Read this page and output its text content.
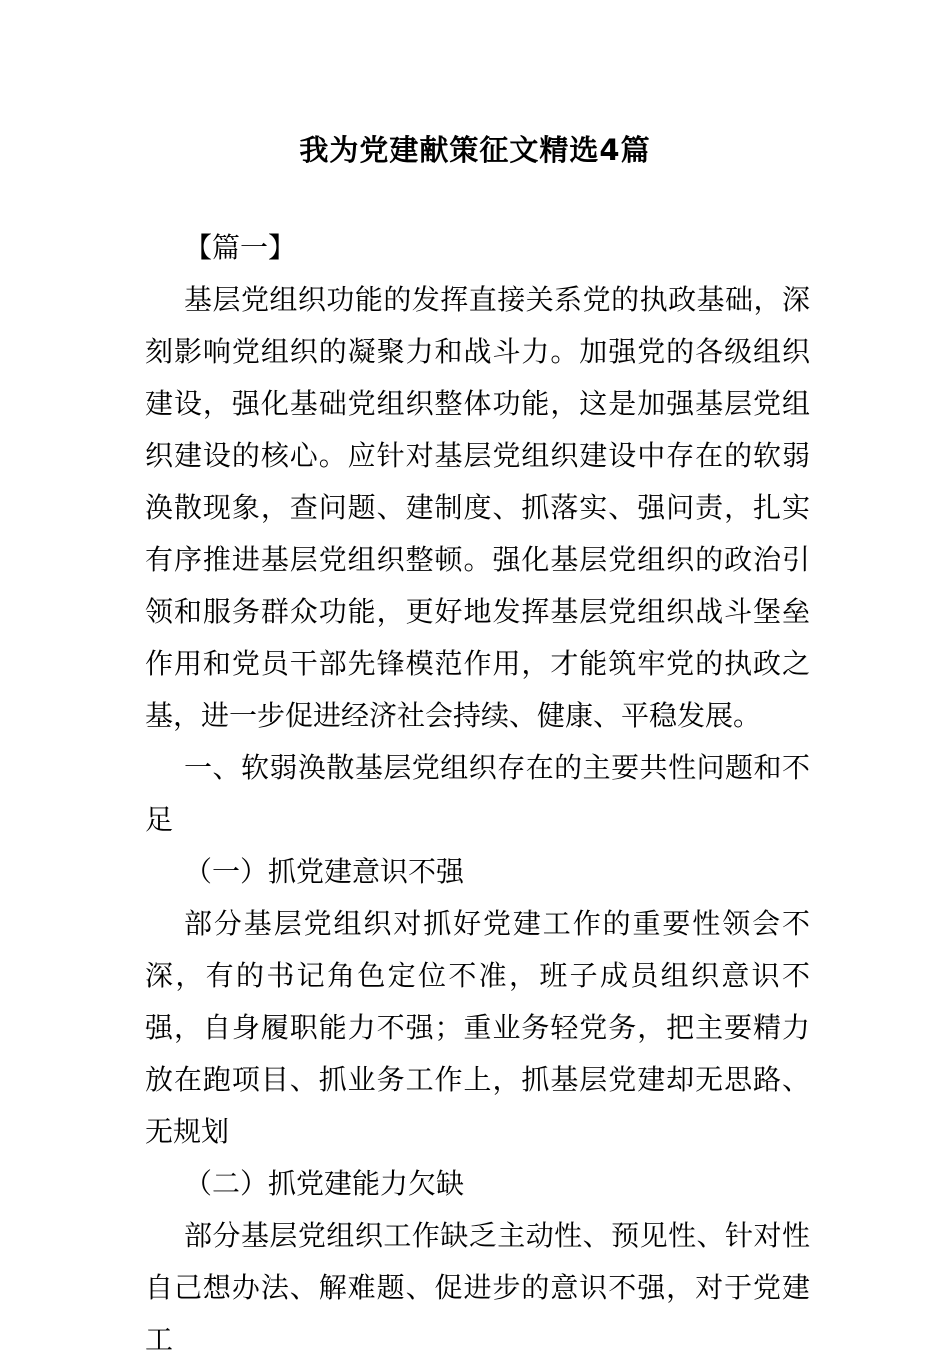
我为党建献策征文精选4篇

【篇一】

基层党组织功能的发挥直接关系党的执政基础，深刻影响党组织的凝聚力和战斗力。加强党的各级组织建设，强化基础党组织整体功能，这是加强基层党组织建设的核心。应针对基层党组织建设中存在的软弱涣散现象，查问题、建制度、抓落实、强问责，扎实有序推进基层党组织整顿。强化基层党组织的政治引领和服务群众功能，更好地发挥基层党组织战斗堡垒作用和党员干部先锋模范作用，才能筑牢党的执政之基，进一步促进经济社会持续、健康、平稳发展。

一、软弱涣散基层党组织存在的主要共性问题和不足

（一）抓党建意识不强

部分基层党组织对抓好党建工作的重要性领会不深，有的书记角色定位不准，班子成员组织意识不强，自身履职能力不强；重业务轻党务，把主要精力放在跑项目、抓业务工作上，抓基层党建却无思路、无规划

（二）抓党建能力欠缺

部分基层党组织工作缺乏主动性、预见性、针对性自己想办法、解难题、促进步的意识不强，对于党建工
